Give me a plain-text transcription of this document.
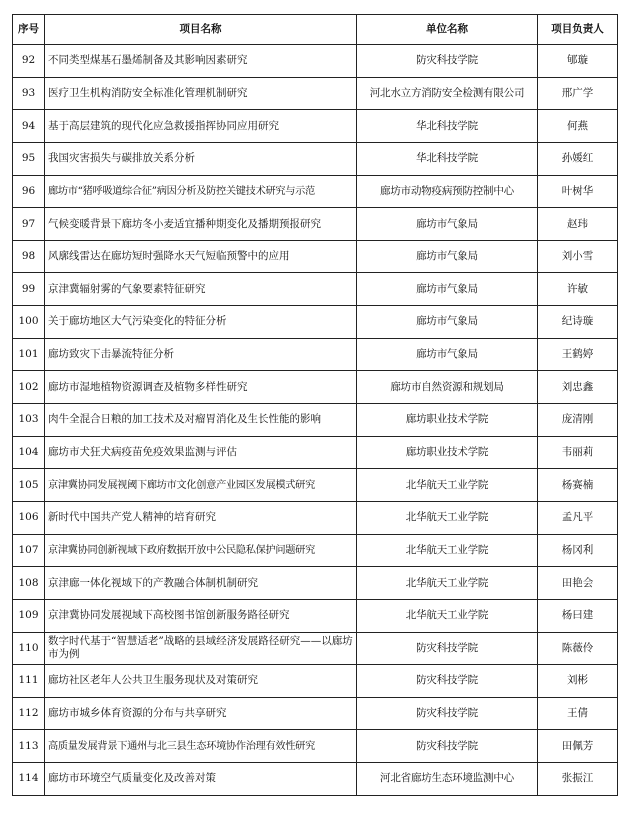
序号	项目名称	单位名称	项目负责人
92	不同类型煤基石墨烯制备及其影响因素研究	防灾科技学院	郇璇
93	医疗卫生机构消防安全标准化管理机制研究	河北水立方消防安全检测有限公司	邢广学
94	基于高层建筑的现代化应急救援指挥协同应用研究	华北科技学院	何燕
95	我国灾害损失与碳排放关系分析	华北科技学院	孙媛红
96	廊坊市“猪呼吸道综合征”病因分析及防控关键技术研究与示范	廊坊市动物疫病预防控制中心	叶树华
97	气候变暖背景下廊坊冬小麦适宜播种期变化及播期预报研究	廊坊市气象局	赵玮
98	风廓线雷达在廊坊短时强降水天气短临预警中的应用	廊坊市气象局	刘小雪
99	京津冀辐射雾的气象要素特征研究	廊坊市气象局	许敏
100	关于廊坊地区大气污染变化的特征分析	廊坊市气象局	纪诗璇
101	廊坊致灾下击暴流特征分析	廊坊市气象局	王鹤婷
102	廊坊市湿地植物资源调查及植物多样性研究	廊坊市自然资源和规划局	刘忠鑫
103	肉牛全混合日粮的加工技术及对瘤胃消化及生长性能的影响	廊坊职业技术学院	庞清刚
104	廊坊市犬狂犬病疫苗免疫效果监测与评估	廊坊职业技术学院	韦丽莉
105	京津冀协同发展视阈下廊坊市文化创意产业园区发展模式研究	北华航天工业学院	杨赛楠
106	新时代中国共产党人精神的培育研究	北华航天工业学院	孟凡平
107	京津冀协同创新视域下政府数据开放中公民隐私保护问题研究	北华航天工业学院	杨冈利
108	京津廊一体化视域下的产教融合体制机制研究	北华航天工业学院	田艳会
109	京津冀协同发展视域下高校图书馆创新服务路径研究	北华航天工业学院	杨曰建
110	数字时代基于“智慧适老”战略的县域经济发展路径研究——以廊坊市为例	防灾科技学院	陈薇伶
111	廊坊社区老年人公共卫生服务现状及对策研究	防灾科技学院	刘彬
112	廊坊市城乡体育资源的分布与共享研究	防灾科技学院	王倩
113	高质量发展背景下通州与北三县生态环境协作治理有效性研究	防灾科技学院	田佩芳
114	廊坊市环境空气质量变化及改善对策	河北省廊坊生态环境监测中心	张振江
